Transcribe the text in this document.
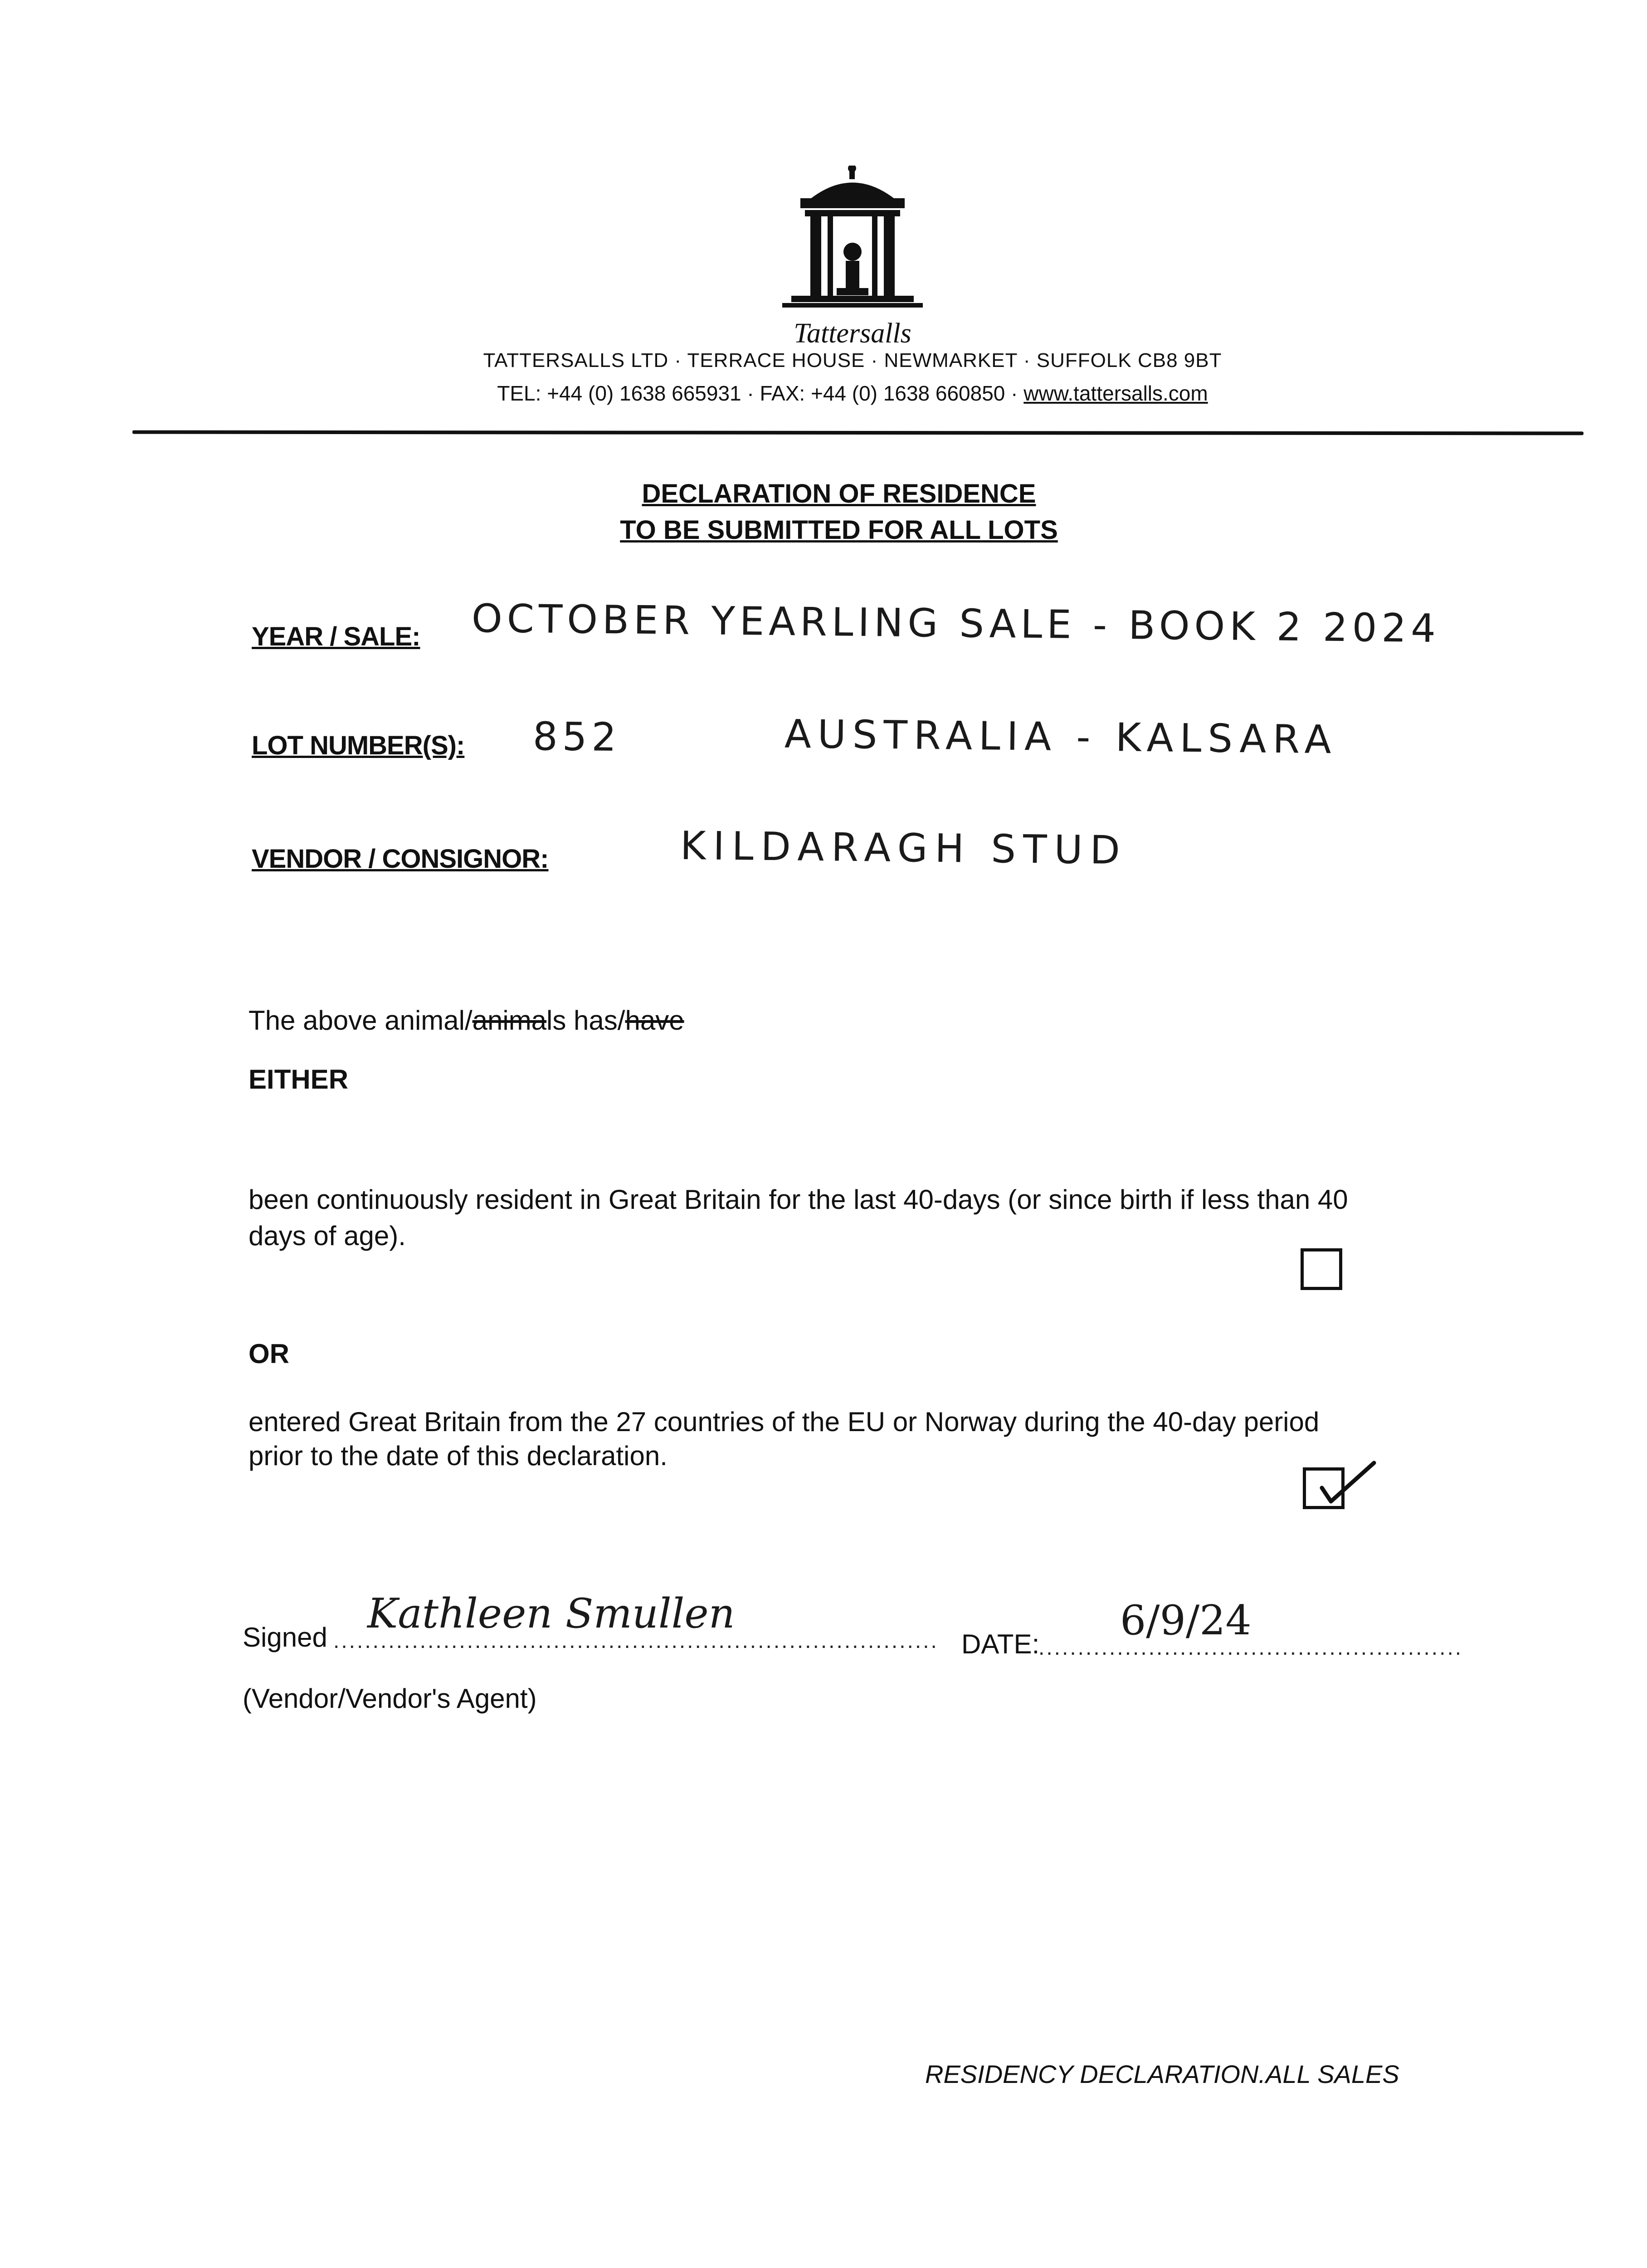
Tattersalls
TATTERSALLS LTD · TERRACE HOUSE · NEWMARKET · SUFFOLK CB8 9BT
TEL: +44 (0) 1638 665931 · FAX: +44 (0) 1638 660850 · www.tattersalls.com
DECLARATION OF RESIDENCE
TO BE SUBMITTED FOR ALL LOTS
YEAR / SALE: OCTOBER YEARLING SALE - BOOK 2 2024
LOT NUMBER(S): 852	AUSTRALIA - KALSARA
VENDOR / CONSIGNOR:	KILDARAGH STUD
The above animal/animals has/have
EITHER
been continuously resident in Great Britain for the last 40-days (or since birth if less than 40
days of age).
OR
entered Great Britain from the 27 countries of the EU or Norway during the 40-day period
prior to the date of this declaration.
Signed .............................................................................
Kathleen Smullen
DATE:
......................................................
6/9/24
(Vendor/Vendor's Agent)
RESIDENCY DECLARATION.ALL SALES
